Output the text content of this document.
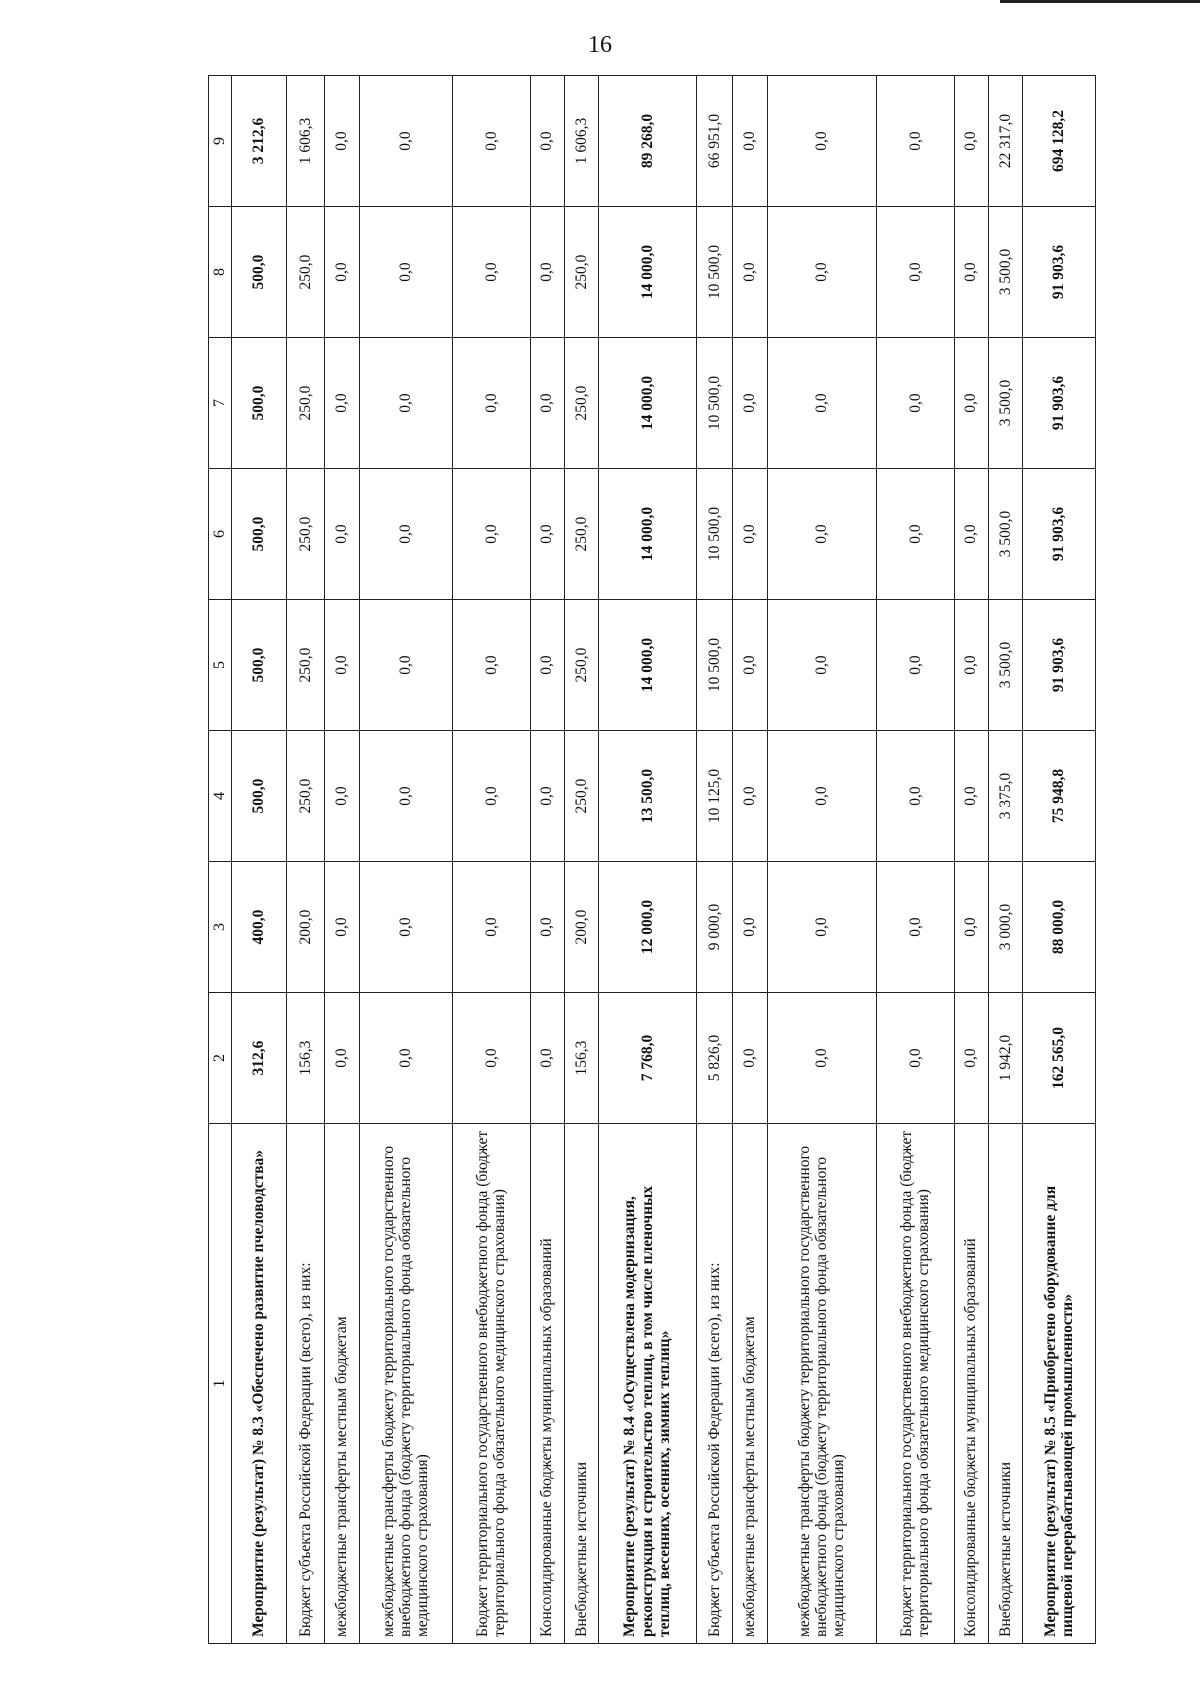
16
1	2	3	4	5	6	7	8	9
Мероприятие (результат) № 8.3 «Обеспечено развитие пчеловодства»	312,6	400,0	500,0	500,0	500,0	500,0	500,0	3 212,6
Бюджет субъекта Российской Федерации (всего), из них:	156,3	200,0	250,0	250,0	250,0	250,0	250,0	1 606,3
межбюджетные трансферты местным бюджетам	0,0	0,0	0,0	0,0	0,0	0,0	0,0	0,0
межбюджетные трансферты бюджету территориального государственного внебюджетного фонда (бюджету территориального фонда обязательного медицинского страхования)	0,0	0,0	0,0	0,0	0,0	0,0	0,0	0,0
Бюджет территориального государственного внебюджетного фонда (бюджет территориального фонда обязательного медицинского страхования)	0,0	0,0	0,0	0,0	0,0	0,0	0,0	0,0
Консолидированные бюджеты муниципальных образований	0,0	0,0	0,0	0,0	0,0	0,0	0,0	0,0
Внебюджетные источники	156,3	200,0	250,0	250,0	250,0	250,0	250,0	1 606,3
Мероприятие (результат) № 8.4 «Осуществлена модернизация, реконструкция и строительство теплиц, в том числе пленочных теплиц, весенних, осенних, зимних теплиц»	7 768,0	12 000,0	13 500,0	14 000,0	14 000,0	14 000,0	14 000,0	89 268,0
Бюджет субъекта Российской Федерации (всего), из них:	5 826,0	9 000,0	10 125,0	10 500,0	10 500,0	10 500,0	10 500,0	66 951,0
межбюджетные трансферты местным бюджетам	0,0	0,0	0,0	0,0	0,0	0,0	0,0	0,0
межбюджетные трансферты бюджету территориального государственного внебюджетного фонда (бюджету территориального фонда обязательного медицинского страхования)	0,0	0,0	0,0	0,0	0,0	0,0	0,0	0,0
Бюджет территориального государственного внебюджетного фонда (бюджет территориального фонда обязательного медицинского страхования)	0,0	0,0	0,0	0,0	0,0	0,0	0,0	0,0
Консолидированные бюджеты муниципальных образований	0,0	0,0	0,0	0,0	0,0	0,0	0,0	0,0
Внебюджетные источники	1 942,0	3 000,0	3 375,0	3 500,0	3 500,0	3 500,0	3 500,0	22 317,0
Мероприятие (результат) № 8.5 «Приобретено оборудование для пищевой перерабатывающей промышленности»	162 565,0	88 000,0	75 948,8	91 903,6	91 903,6	91 903,6	91 903,6	694 128,2
